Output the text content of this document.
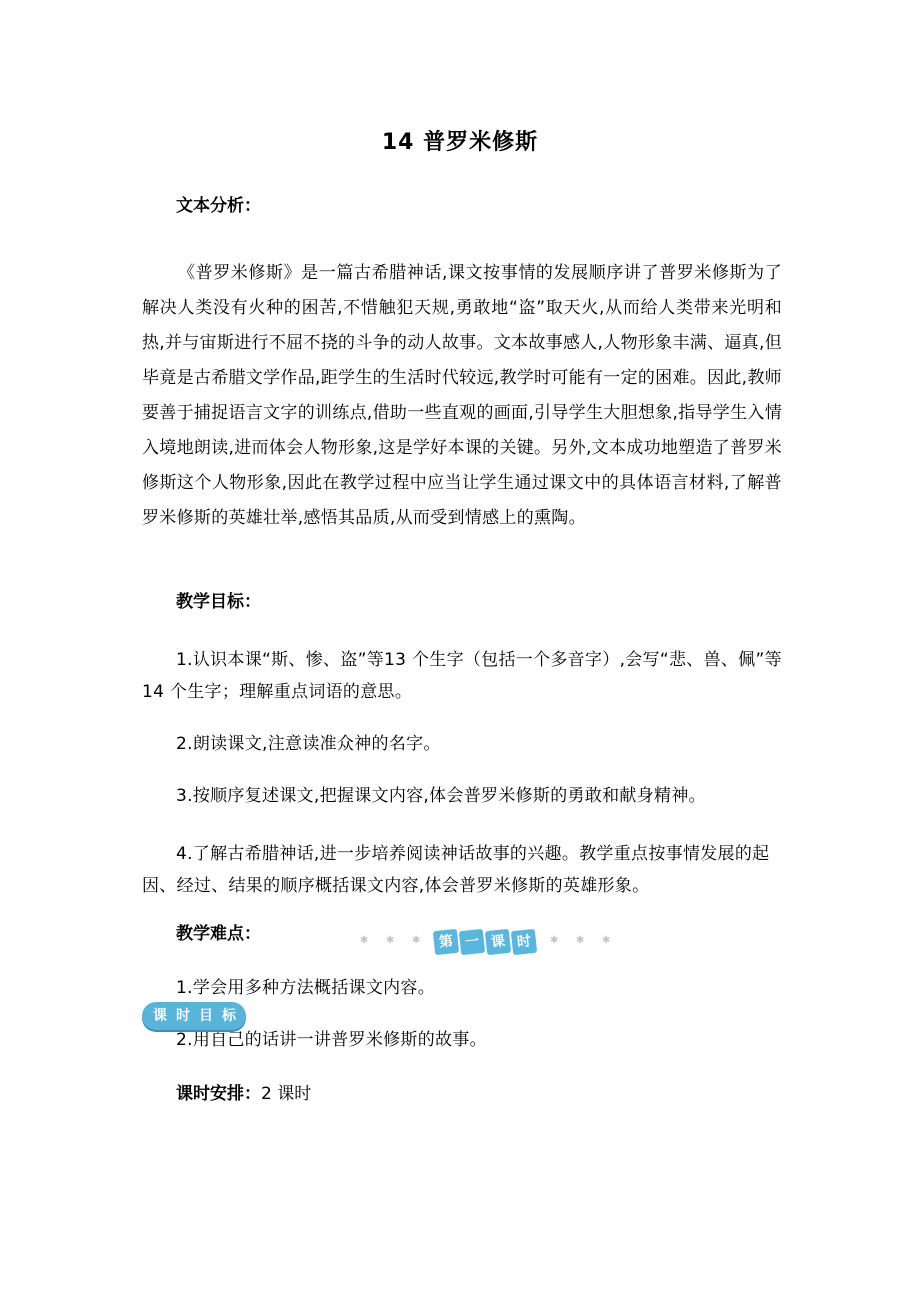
14 普罗米修斯
文本分析：
《普罗米修斯》是一篇古希腊神话,课文按事情的发展顺序讲了普罗米修斯为了解决人类没有火种的困苦,不惜触犯天规,勇敢地“盗”取天火,从而给人类带来光明和热,并与宙斯进行不屈不挠的斗争的动人故事。文本故事感人,人物形象丰满、逼真,但毕竟是古希腊文学作品,距学生的生活时代较远,教学时可能有一定的困难。因此,教师要善于捕捉语言文字的训练点,借助一些直观的画面,引导学生大胆想象,指导学生入情入境地朗读,进而体会人物形象,这是学好本课的关键。另外,文本成功地塑造了普罗米修斯这个人物形象,因此在教学过程中应当让学生通过课文中的具体语言材料,了解普罗米修斯的英雄壮举,感悟其品质,从而受到情感上的熏陶。
教学目标：
1.认识本课“斯、惨、盗”等13 个生字（包括一个多音字）,会写“悲、兽、佩”等 14 个生字；理解重点词语的意思。
2.朗读课文,注意读准众神的名字。
3.按顺序复述课文,把握课文内容,体会普罗米修斯的勇敢和献身精神。
4.了解古希腊神话,进一步培养阅读神话故事的兴趣。教学重点按事情发展的起因、经过、结果的顺序概括课文内容,体会普罗米修斯的英雄形象。
教学难点：
1.学会用多种方法概括课文内容。
2.用自己的话讲一讲普罗米修斯的故事。
课时安排：2 课时
✱ ✱ ✱	第 一 课 时	✱ ✱ ✱
课 时 目 标
